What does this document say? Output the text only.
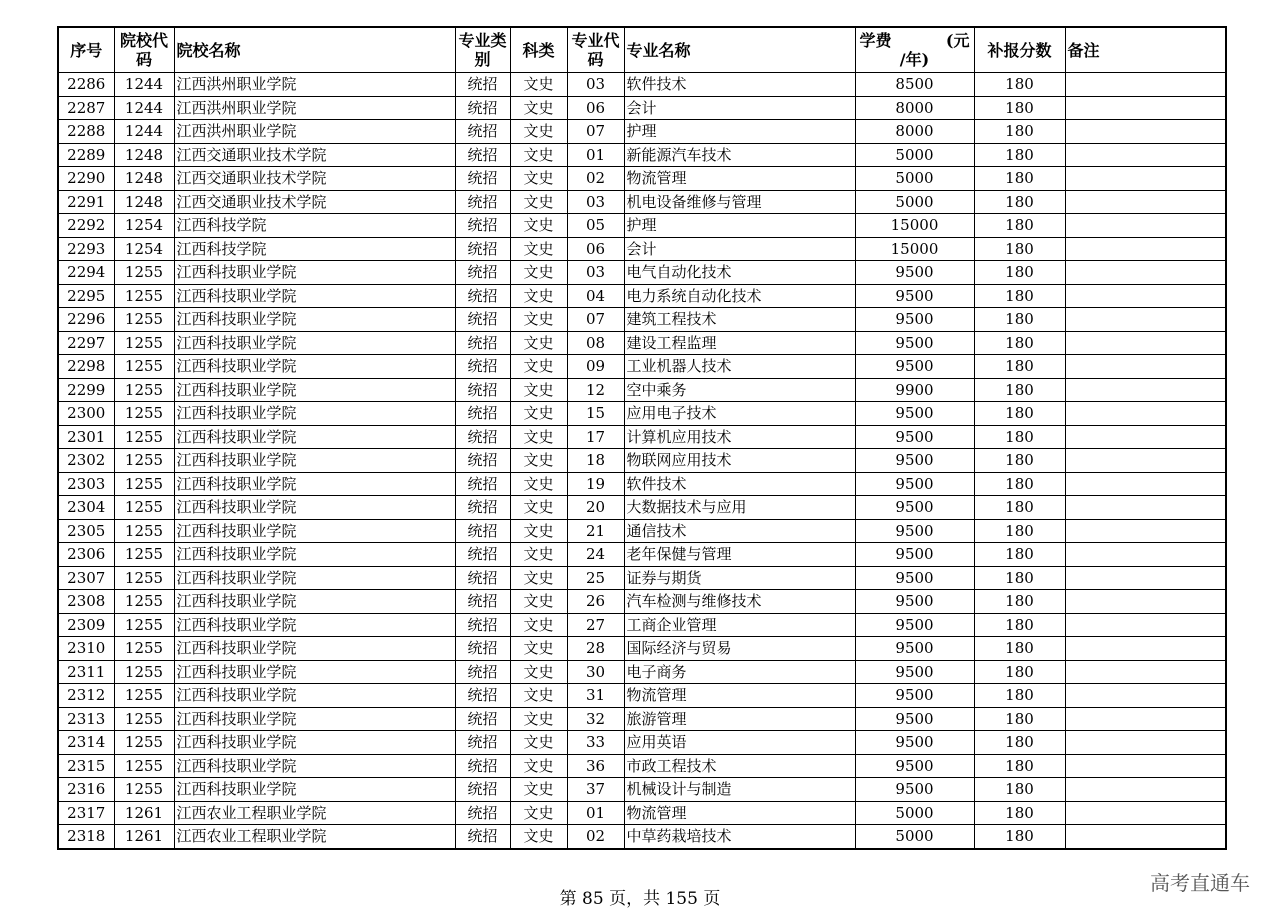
序号	院校代码	院校名称	专业类别	科类	专业代码	专业名称	学费 (元
/年)	补报分数	备注
2286	1244	江西洪州职业学院	统招	文史	03	软件技术	8500	180	
2287	1244	江西洪州职业学院	统招	文史	06	会计	8000	180	
2288	1244	江西洪州职业学院	统招	文史	07	护理	8000	180	
2289	1248	江西交通职业技术学院	统招	文史	01	新能源汽车技术	5000	180	
2290	1248	江西交通职业技术学院	统招	文史	02	物流管理	5000	180	
2291	1248	江西交通职业技术学院	统招	文史	03	机电设备维修与管理	5000	180	
2292	1254	江西科技学院	统招	文史	05	护理	15000	180	
2293	1254	江西科技学院	统招	文史	06	会计	15000	180	
2294	1255	江西科技职业学院	统招	文史	03	电气自动化技术	9500	180	
2295	1255	江西科技职业学院	统招	文史	04	电力系统自动化技术	9500	180	
2296	1255	江西科技职业学院	统招	文史	07	建筑工程技术	9500	180	
2297	1255	江西科技职业学院	统招	文史	08	建设工程监理	9500	180	
2298	1255	江西科技职业学院	统招	文史	09	工业机器人技术	9500	180	
2299	1255	江西科技职业学院	统招	文史	12	空中乘务	9900	180	
2300	1255	江西科技职业学院	统招	文史	15	应用电子技术	9500	180	
2301	1255	江西科技职业学院	统招	文史	17	计算机应用技术	9500	180	
2302	1255	江西科技职业学院	统招	文史	18	物联网应用技术	9500	180	
2303	1255	江西科技职业学院	统招	文史	19	软件技术	9500	180	
2304	1255	江西科技职业学院	统招	文史	20	大数据技术与应用	9500	180	
2305	1255	江西科技职业学院	统招	文史	21	通信技术	9500	180	
2306	1255	江西科技职业学院	统招	文史	24	老年保健与管理	9500	180	
2307	1255	江西科技职业学院	统招	文史	25	证券与期货	9500	180	
2308	1255	江西科技职业学院	统招	文史	26	汽车检测与维修技术	9500	180	
2309	1255	江西科技职业学院	统招	文史	27	工商企业管理	9500	180	
2310	1255	江西科技职业学院	统招	文史	28	国际经济与贸易	9500	180	
2311	1255	江西科技职业学院	统招	文史	30	电子商务	9500	180	
2312	1255	江西科技职业学院	统招	文史	31	物流管理	9500	180	
2313	1255	江西科技职业学院	统招	文史	32	旅游管理	9500	180	
2314	1255	江西科技职业学院	统招	文史	33	应用英语	9500	180	
2315	1255	江西科技职业学院	统招	文史	36	市政工程技术	9500	180	
2316	1255	江西科技职业学院	统招	文史	37	机械设计与制造	9500	180	
2317	1261	江西农业工程职业学院	统招	文史	01	物流管理	5000	180	
2318	1261	江西农业工程职业学院	统招	文史	02	中草药栽培技术	5000	180	
第 85 页，共 155 页
高考直通车
